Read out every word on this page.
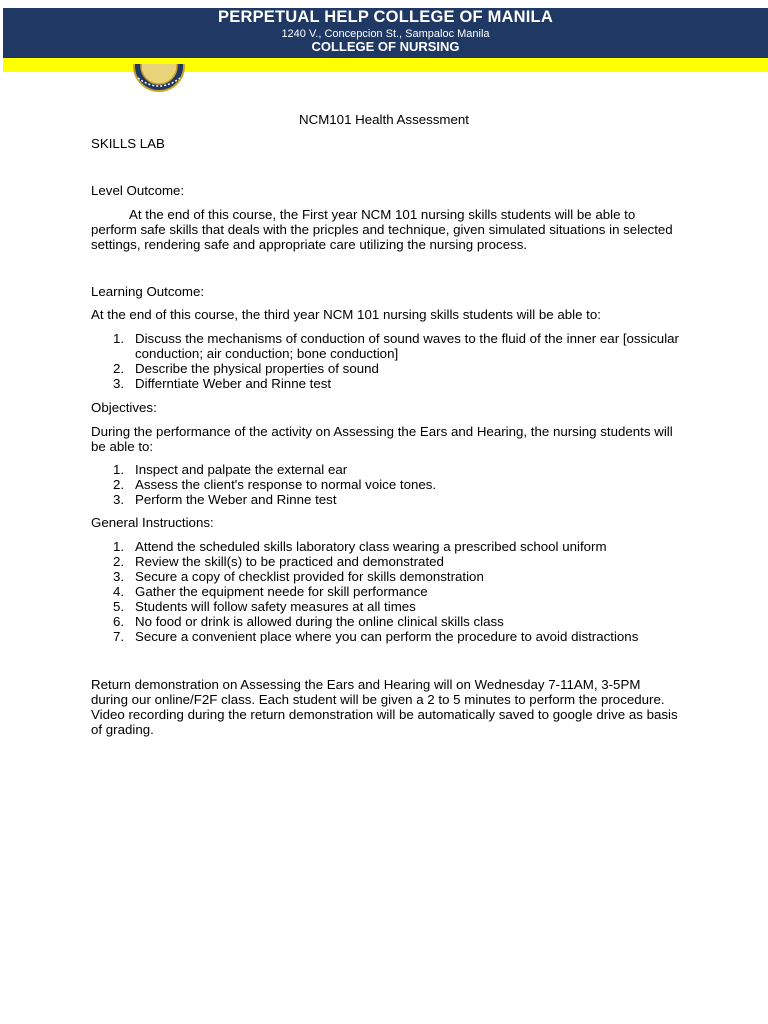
PERPETUAL HELP COLLEGE OF MANILA
1240 V., Concepcion St., Sampaloc Manila
COLLEGE OF NURSING

NCM101 Health Assessment

SKILLS LAB

Level Outcome:

At the end of this course, the First year NCM 101 nursing skills students will be able to perform safe skills that deals with the pricples and technique, given simulated situations in selected settings, rendering safe and appropriate care utilizing the nursing process.

Learning Outcome:

At the end of this course, the third year NCM 101 nursing skills students will be able to:

1. Discuss the mechanisms of conduction of sound waves to the fluid of the inner ear [ossicular conduction; air conduction; bone conduction]
2. Describe the physical properties of sound
3. Differntiate Weber and Rinne test

Objectives:

During the performance of the activity on Assessing the Ears and Hearing, the nursing students will be able to:

1. Inspect and palpate the external ear
2. Assess the client's response to normal voice tones.
3. Perform the Weber and Rinne test

General Instructions:

1. Attend the scheduled skills laboratory class wearing a prescribed school uniform
2. Review the skill(s) to be practiced and demonstrated
3. Secure a copy of checklist provided for skills demonstration
4. Gather the equipment neede for skill performance
5. Students will follow safety measures at all times
6. No food or drink is allowed during the online clinical skills class
7. Secure a convenient place where you can perform the procedure to avoid distractions

Return demonstration on Assessing the Ears and Hearing will on Wednesday 7-11AM, 3-5PM during our online/F2F class. Each student will be given a 2 to 5 minutes to perform the procedure. Video recording during the return demonstration will be automatically saved to google drive as basis of grading.
